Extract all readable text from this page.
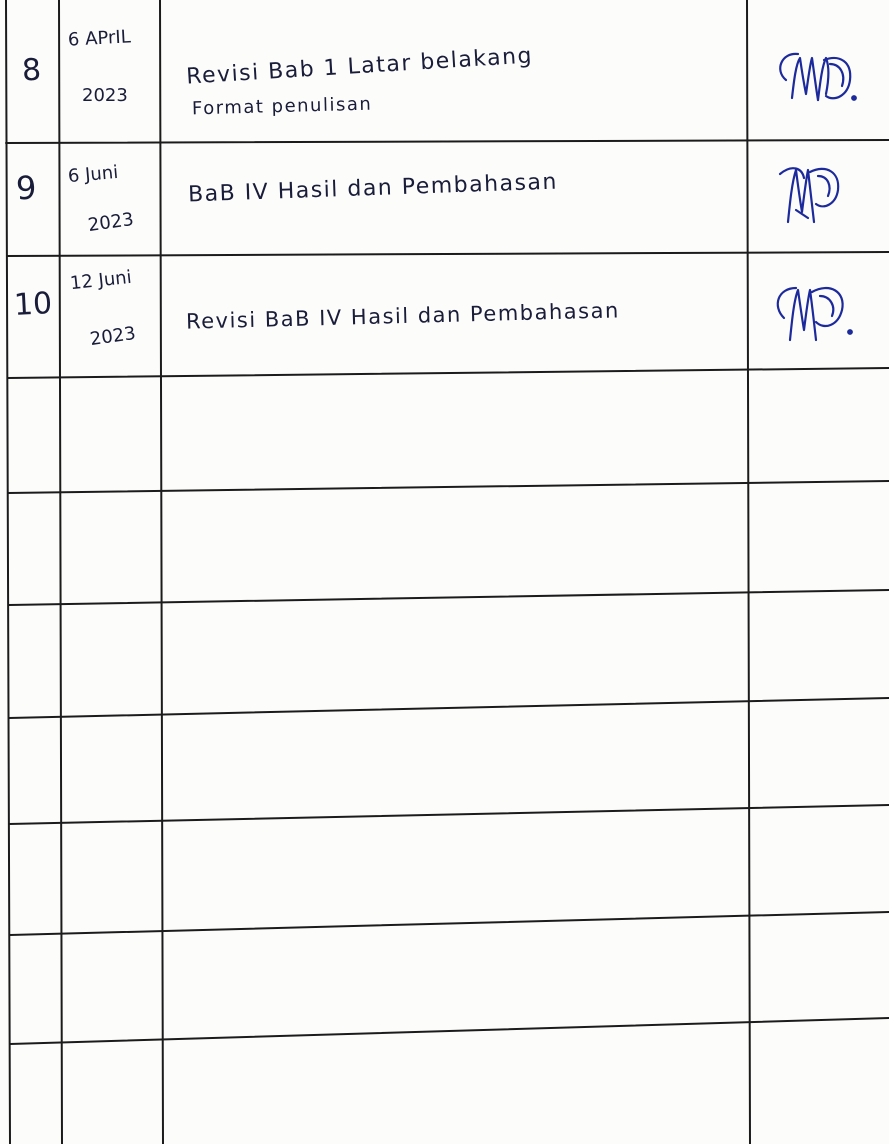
8
6 APrIL
2023
Revisi Bab 1 Latar belakang
Format penulisan
9 6 Juni
2023
BaB IV Hasil dan Pembahasan
10
12 Juni
2023
Revisi BaB IV Hasil dan Pembahasan
